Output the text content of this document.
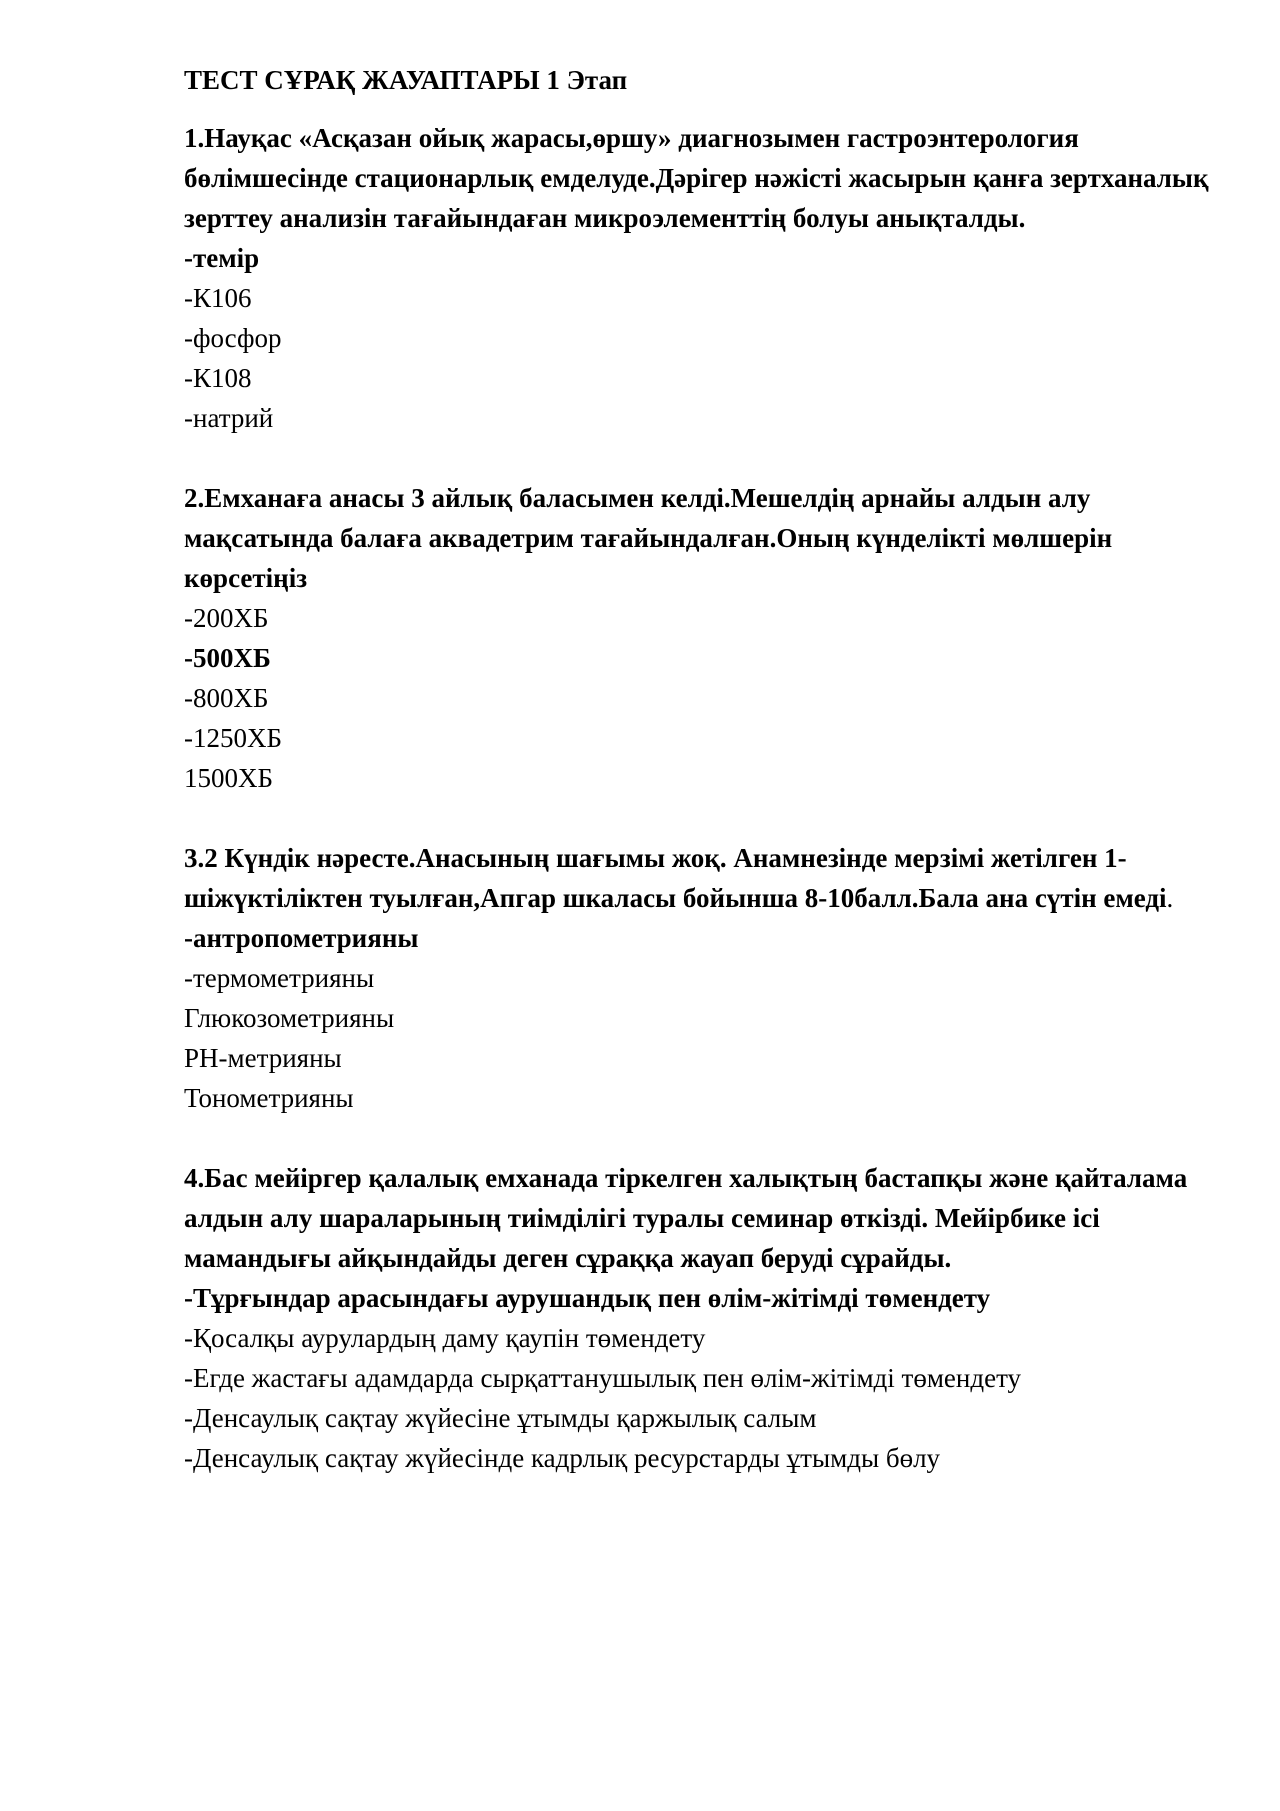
ТЕСТ СҰРАҚ ЖАУАПТАРЫ 1 Этап
1.Науқас «Асқазан ойық жарасы,өршу» диагнозымен гастроэнтерология бөлімшесінде стационарлық емделуде.Дәрігер нәжісті жасырын қанға зертханалық зерттеу анализін тағайындаған микроэлементтің болуы анықталды.
-темір
-К106
-фосфор
-К108
-натрий
2.Емханаға анасы 3 айлық баласымен келді.Мешелдің арнайы алдын алу мақсатында балаға аквадетрим тағайындалған.Оның күнделікті мөлшерін көрсетіңіз
-200ХБ
-500ХБ
-800ХБ
-1250ХБ
1500ХБ
3.2 Күндік нәресте.Анасының шағымы жоқ. Анамнезінде мерзімі жетілген 1-шіжүктіліктен туылған,Апгар шкаласы бойынша 8-10балл.Бала ана сүтін емеді.
-антропометрияны
-термометрияны
Глюкозометрияны
РН-метрияны
Тонометрияны
4.Бас мейіргер қалалық емханада тіркелген халықтың бастапқы және қайталама алдын алу шараларының тиімділігі туралы семинар өткізді. Мейірбике ісі мамандығы айқындайды деген сұраққа жауап беруді сұрайды.
-Тұрғындар арасындағы аурушандық пен өлім-жітімді төмендету
-Қосалқы аурулардың даму қаупін төмендету
-Егде жастағы адамдарда сырқаттанушылық пен өлім-жітімді төмендету
-Денсаулық сақтау жүйесіне ұтымды қаржылық салым
-Денсаулық сақтау жүйесінде кадрлық ресурстарды ұтымды бөлу
